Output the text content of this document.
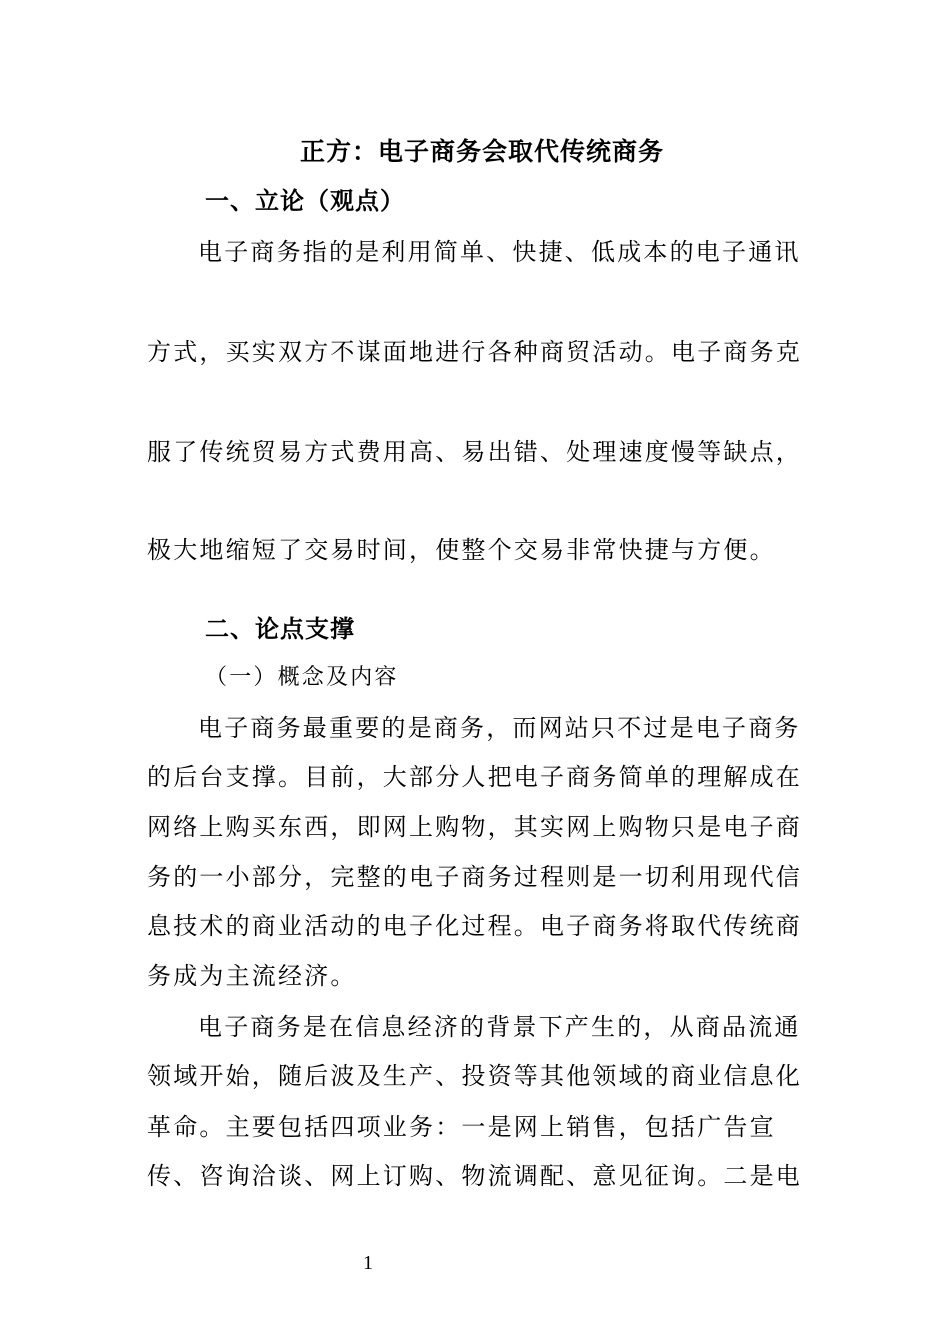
正方：电子商务会取代传统商务
一、立论（观点）
电子商务指的是利用简单、快捷、低成本的电子通讯
方式，买实双方不谋面地进行各种商贸活动。电子商务克
服了传统贸易方式费用高、易出错、处理速度慢等缺点，
极大地缩短了交易时间，使整个交易非常快捷与方便。
二、论点支撑
（一）概念及内容
电子商务最重要的是商务，而网站只不过是电子商务
的后台支撑。目前，大部分人把电子商务简单的理解成在
网络上购买东西，即网上购物，其实网上购物只是电子商
务的一小部分，完整的电子商务过程则是一切利用现代信
息技术的商业活动的电子化过程。电子商务将取代传统商
务成为主流经济。
电子商务是在信息经济的背景下产生的，从商品流通
领域开始，随后波及生产、投资等其他领域的商业信息化
革命。主要包括四项业务：一是网上销售，包括广告宣
传、咨询洽谈、网上订购、物流调配、意见征询。二是电
1
